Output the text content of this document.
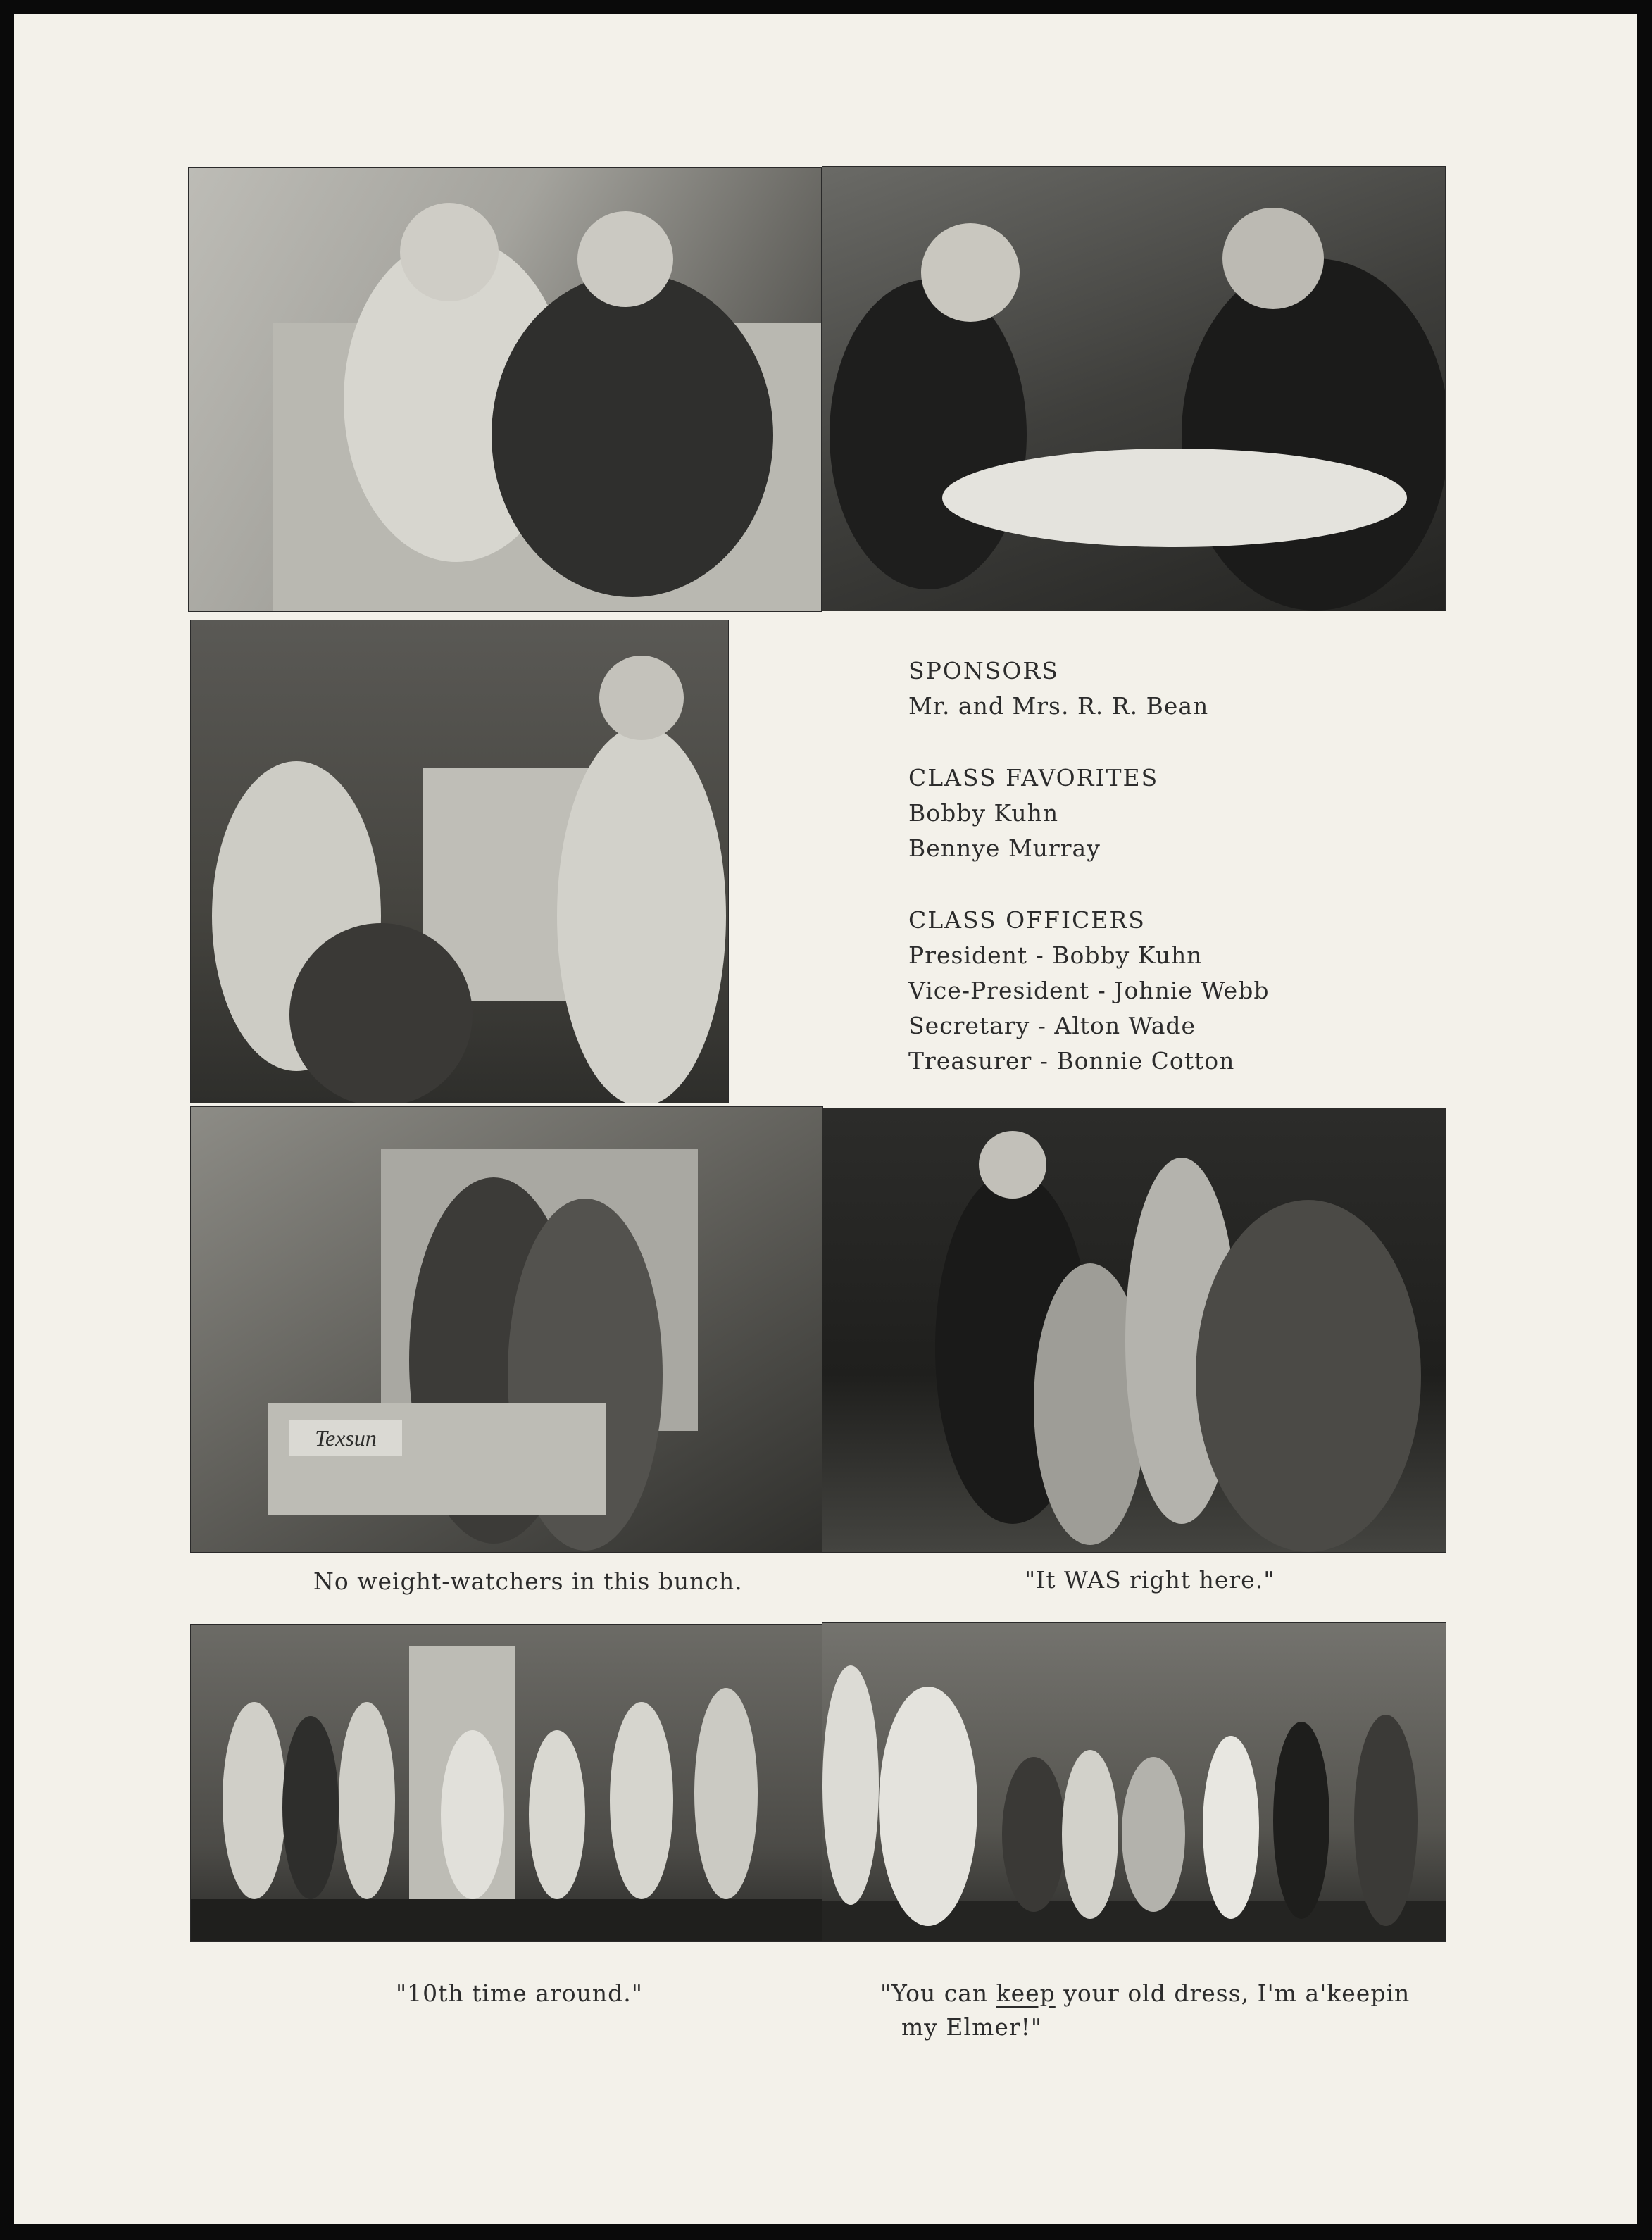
SPONSORS
Mr. and Mrs. R. R. Bean
CLASS FAVORITES
Bobby Kuhn
Bennye Murray
CLASS OFFICERS
President - Bobby Kuhn
Vice-President - Johnie Webb
Secretary - Alton Wade
Treasurer - Bonnie Cotton
Texsun
No weight-watchers in this bunch.	"It WAS right here."
"10th time around."	"You can keep your old dress, I'm a'keepin
my Elmer!"
